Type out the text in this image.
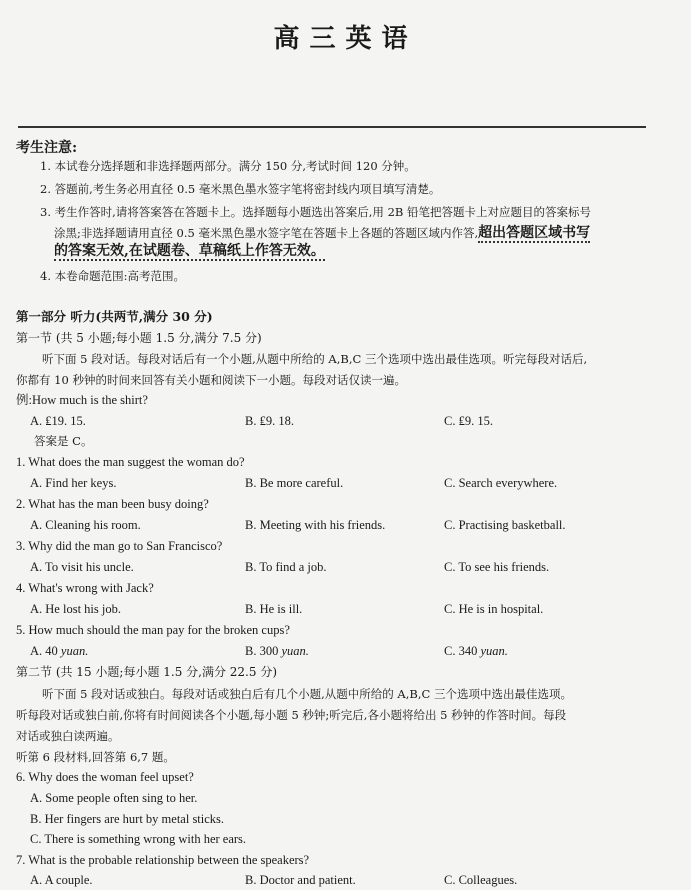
高三英语
考生注意:
1. 本试卷分选择题和非选择题两部分。满分 150 分,考试时间 120 分钟。
2. 答题前,考生务必用直径 0.5 毫米黑色墨水签字笔将密封线内项目填写清楚。
3. 考生作答时,请将答案答在答题卡上。选择题每小题选出答案后,用 2B 铅笔把答题卡上对应题目的答案标号
涂黑;非选择题请用直径 0.5 毫米黑色墨水签字笔在答题卡上各题的答题区域内作答,超出答题区域书写
的答案无效,在试题卷、草稿纸上作答无效。
4. 本卷命题范围:高考范围。
第一部分 听力(共两节,满分 30 分)
第一节 (共 5 小题;每小题 1.5 分,满分 7.5 分)
听下面 5 段对话。每段对话后有一个小题,从题中所给的 A,B,C 三个选项中选出最佳选项。听完每段对话后,
你都有 10 秒钟的时间来回答有关小题和阅读下一小题。每段对话仅读一遍。
例:How much is the shirt?
A. ₤19. 15.	B. ₤9. 18.	C. ₤9. 15.
答案是 C。
1. What does the man suggest the woman do?
A. Find her keys.	B. Be more careful.	C. Search everywhere.
2. What has the man been busy doing?
A. Cleaning his room.	B. Meeting with his friends.	C. Practising basketball.
3. Why did the man go to San Francisco?
A. To visit his uncle.	B. To find a job.	C. To see his friends.
4. What's wrong with Jack?
A. He lost his job.	B. He is ill.	C. He is in hospital.
5. How much should the man pay for the broken cups?
A. 40 yuan.	B. 300 yuan.	C. 340 yuan.
第二节 (共 15 小题;每小题 1.5 分,满分 22.5 分)
听下面 5 段对话或独白。每段对话或独白后有几个小题,从题中所给的 A,B,C 三个选项中选出最佳选项。
听每段对话或独白前,你将有时间阅读各个小题,每小题 5 秒钟;听完后,各小题将给出 5 秒钟的作答时间。每段
对话或独白读两遍。
听第 6 段材料,回答第 6,7 题。
6. Why does the woman feel upset?
A. Some people often sing to her.
B. Her fingers are hurt by metal sticks.
C. There is something wrong with her ears.
7. What is the probable relationship between the speakers?
A. A couple.	B. Doctor and patient.	C. Colleagues.
